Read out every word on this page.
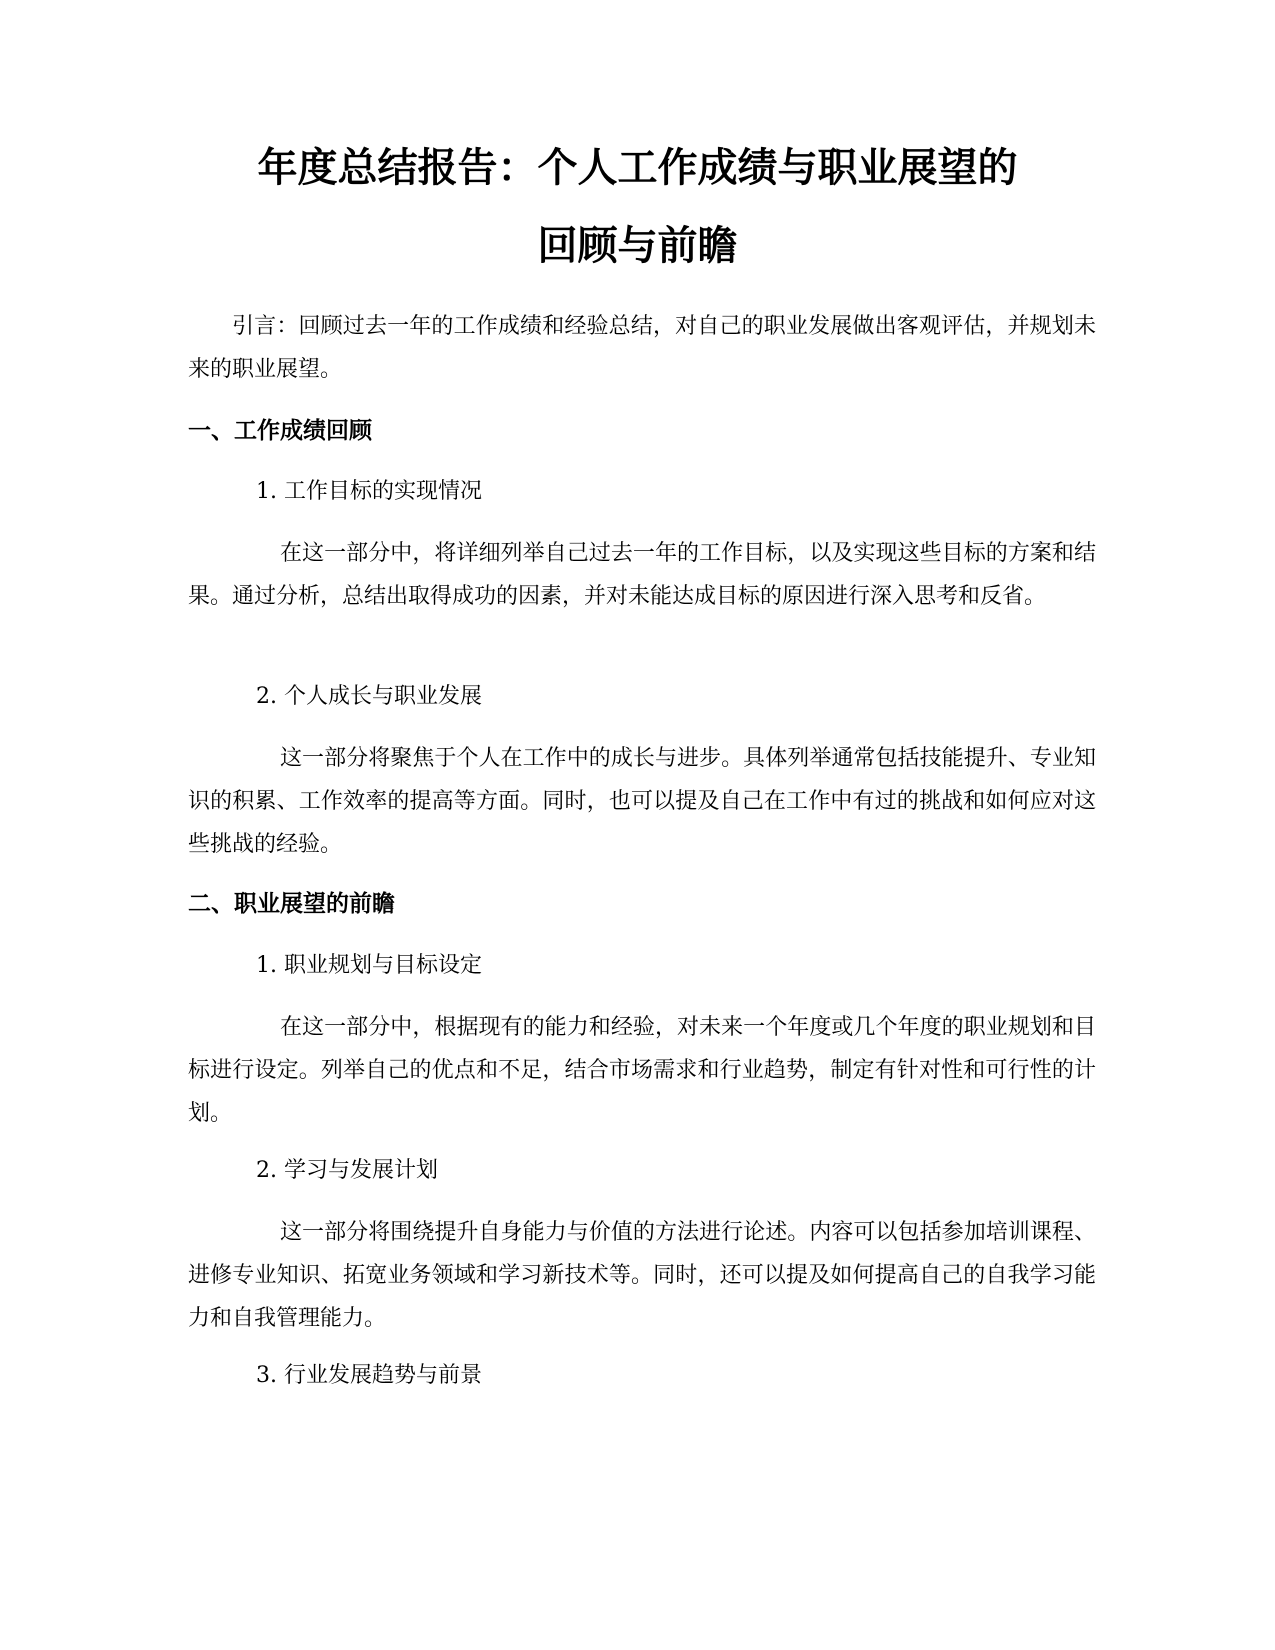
年度总结报告：个人工作成绩与职业展望的
回顾与前瞻

引言：回顾过去一年的工作成绩和经验总结，对自己的职业发展做出客观评估，并规划未来的职业展望。

一、工作成绩回顾

1. 工作目标的实现情况

在这一部分中，将详细列举自己过去一年的工作目标，以及实现这些目标的方案和结果。通过分析，总结出取得成功的因素，并对未能达成目标的原因进行深入思考和反省。

2. 个人成长与职业发展

这一部分将聚焦于个人在工作中的成长与进步。具体列举通常包括技能提升、专业知识的积累、工作效率的提高等方面。同时，也可以提及自己在工作中有过的挑战和如何应对这些挑战的经验。

二、职业展望的前瞻

1. 职业规划与目标设定

在这一部分中，根据现有的能力和经验，对未来一个年度或几个年度的职业规划和目标进行设定。列举自己的优点和不足，结合市场需求和行业趋势，制定有针对性和可行性的计划。

2. 学习与发展计划

这一部分将围绕提升自身能力与价值的方法进行论述。内容可以包括参加培训课程、进修专业知识、拓宽业务领域和学习新技术等。同时，还可以提及如何提高自己的自我学习能力和自我管理能力。

3. 行业发展趋势与前景
